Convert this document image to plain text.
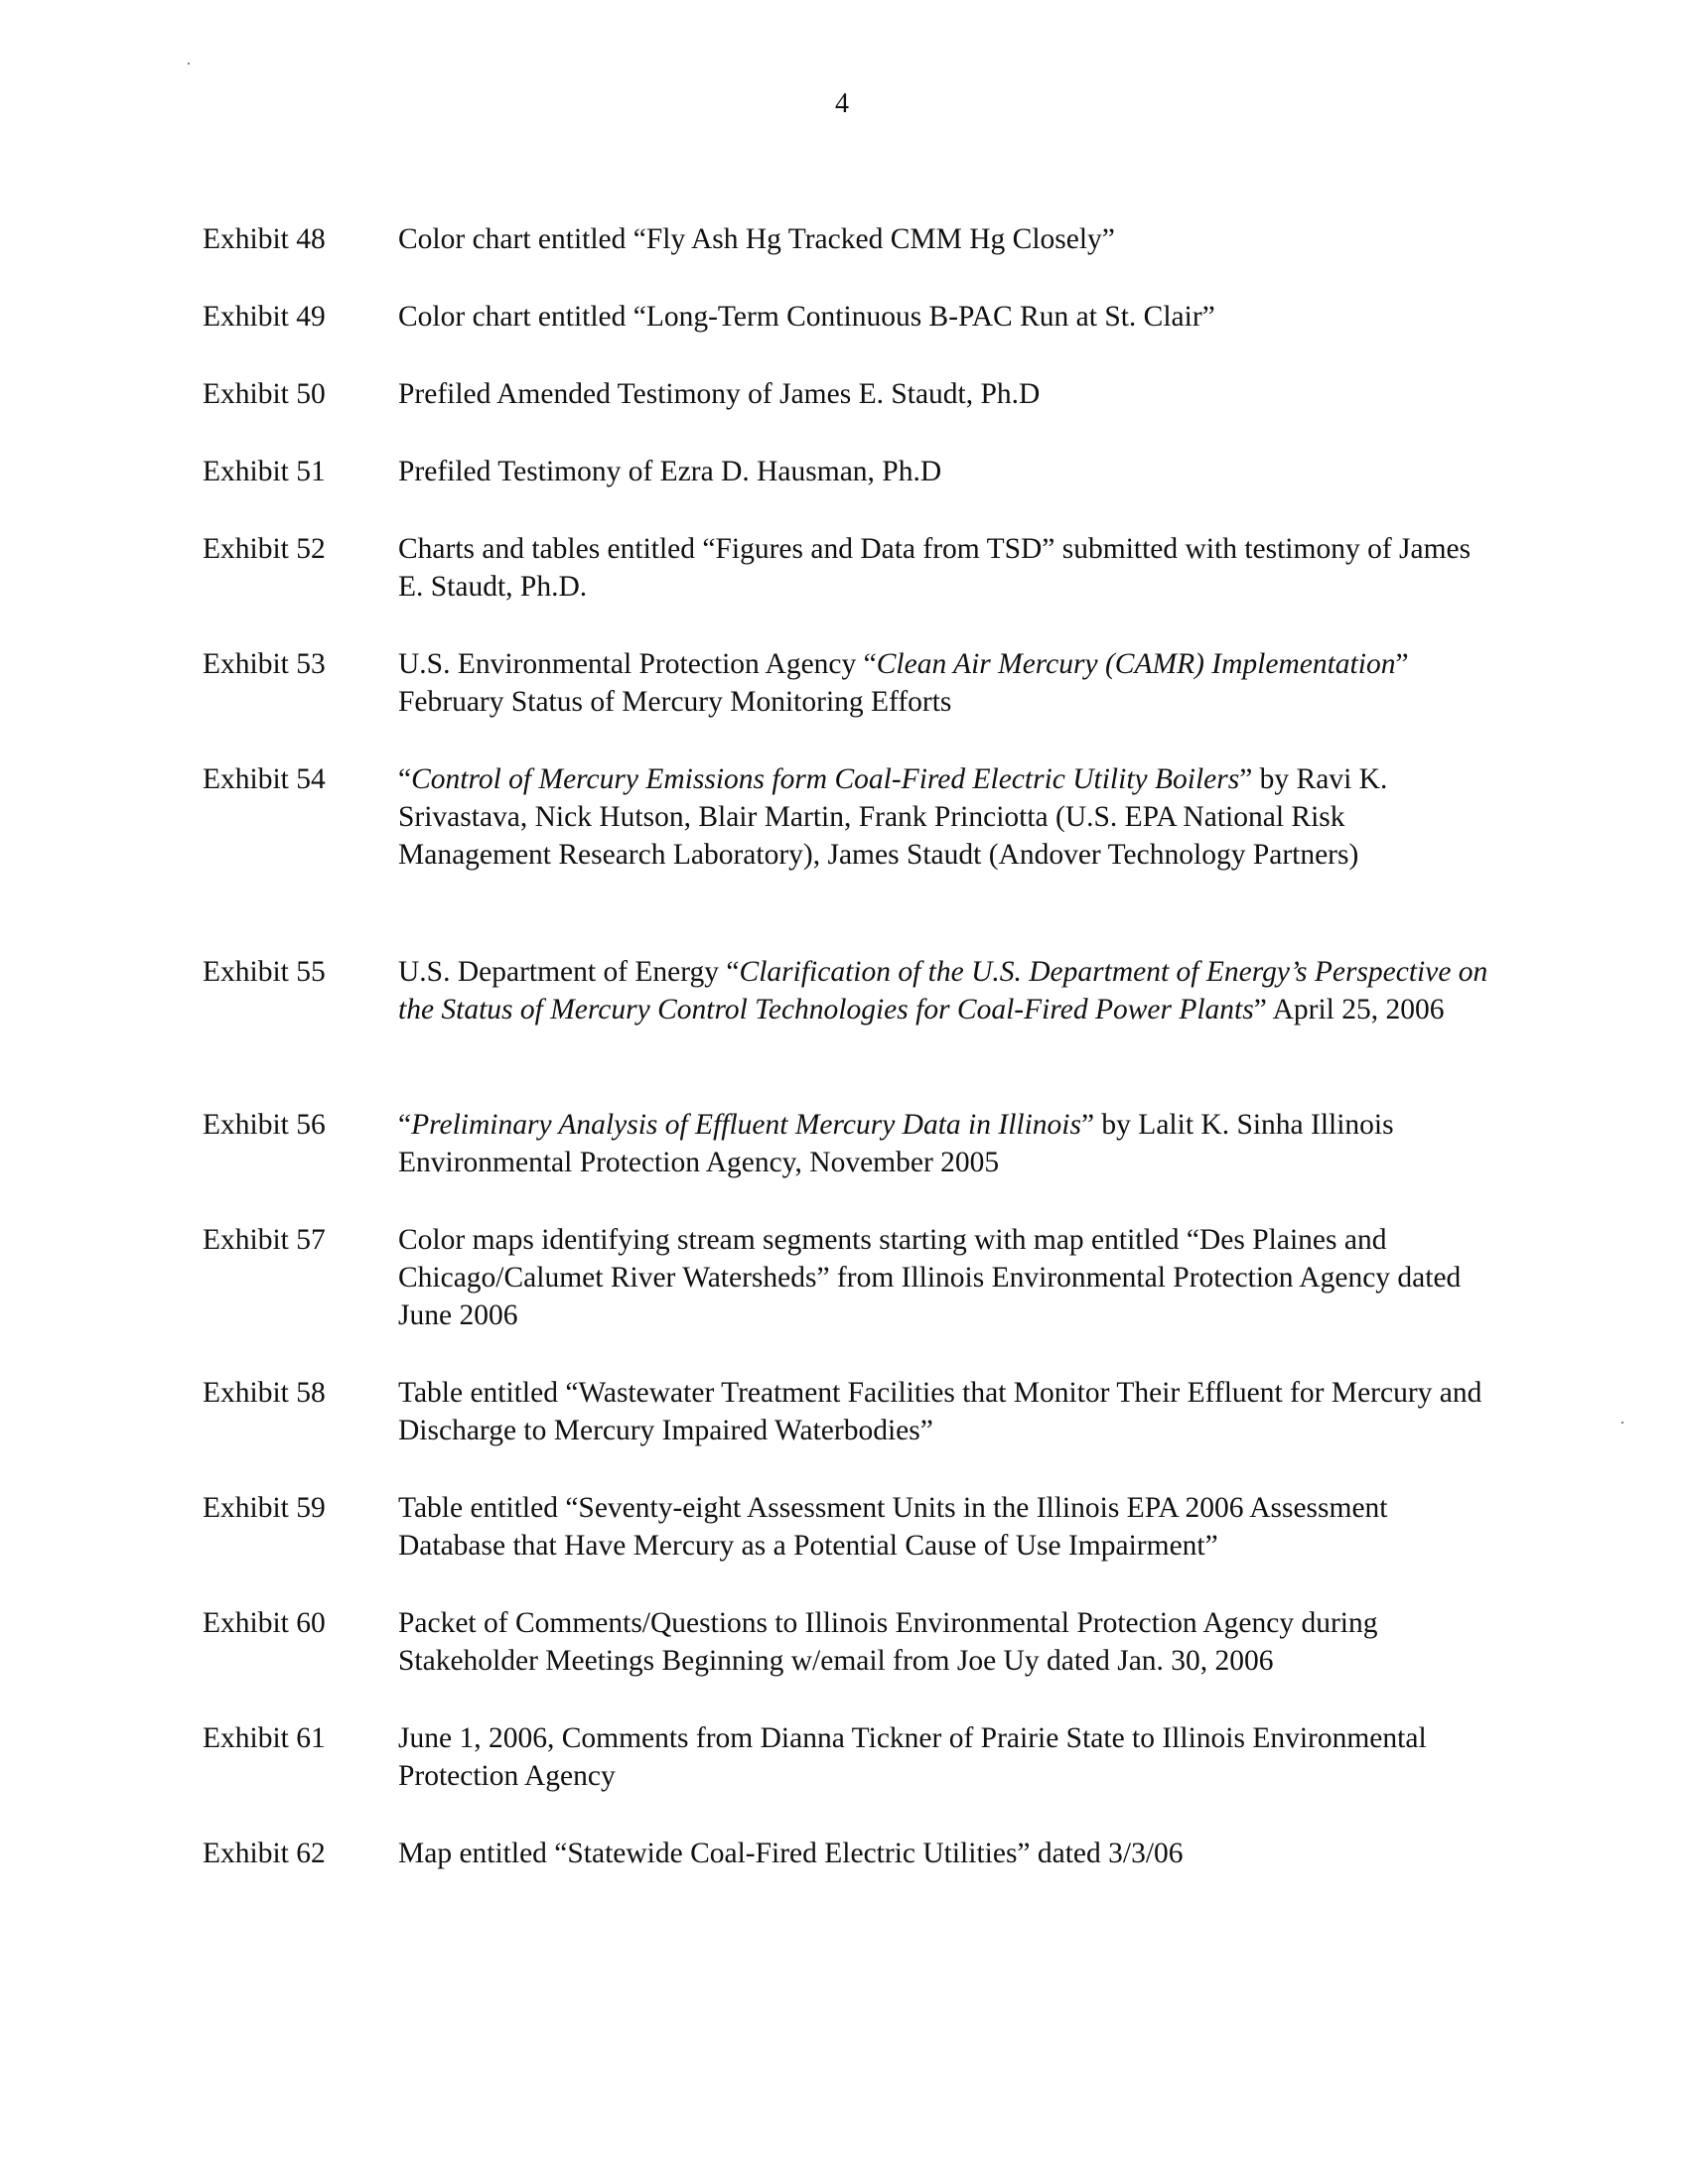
4
Exhibit 48	Color chart entitled “Fly Ash Hg Tracked CMM Hg Closely”
Exhibit 49	Color chart entitled “Long-Term Continuous B-PAC Run at St. Clair”
Exhibit 50	Prefiled Amended Testimony of James E. Staudt, Ph.D
Exhibit 51	Prefiled Testimony of Ezra D. Hausman, Ph.D
Exhibit 52	Charts and tables entitled “Figures and Data from TSD” submitted with testimony of James E. Staudt, Ph.D.
Exhibit 53	U.S. Environmental Protection Agency “Clean Air Mercury (CAMR) Implementation” February Status of Mercury Monitoring Efforts
Exhibit 54	“Control of Mercury Emissions form Coal-Fired Electric Utility Boilers” by Ravi K. Srivastava, Nick Hutson, Blair Martin, Frank Princiotta (U.S. EPA National Risk Management Research Laboratory), James Staudt (Andover Technology Partners)
Exhibit 55	U.S. Department of Energy “Clarification of the U.S. Department of Energy’s Perspective on the Status of Mercury Control Technologies for Coal-Fired Power Plants” April 25, 2006
Exhibit 56	“Preliminary Analysis of Effluent Mercury Data in Illinois” by Lalit K. Sinha Illinois Environmental Protection Agency, November 2005
Exhibit 57	Color maps identifying stream segments starting with map entitled “Des Plaines and Chicago/Calumet River Watersheds” from Illinois Environmental Protection Agency dated June 2006
Exhibit 58	Table entitled “Wastewater Treatment Facilities that Monitor Their Effluent for Mercury and Discharge to Mercury Impaired Waterbodies”
Exhibit 59	Table entitled “Seventy-eight Assessment Units in the Illinois EPA 2006 Assessment Database that Have Mercury as a Potential Cause of Use Impairment”
Exhibit 60	Packet of Comments/Questions to Illinois Environmental Protection Agency during Stakeholder Meetings Beginning w/email from Joe Uy dated Jan. 30, 2006
Exhibit 61	June 1, 2006, Comments from Dianna Tickner of Prairie State to Illinois Environmental Protection Agency
Exhibit 62	Map entitled “Statewide Coal-Fired Electric Utilities” dated 3/3/06
